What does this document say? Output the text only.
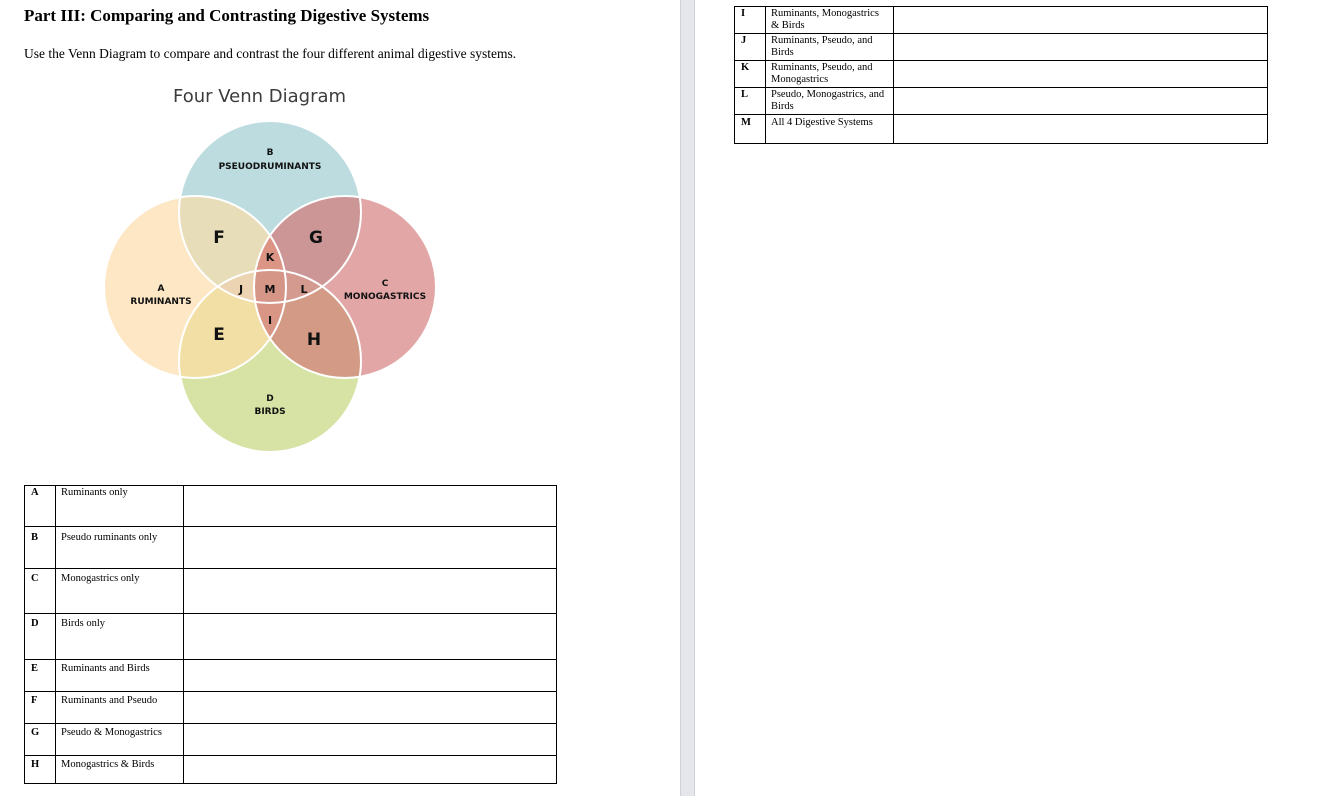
Part III: Comparing and Contrasting Digestive Systems
Use the Venn Diagram to compare and contrast the four different animal digestive systems.
Four Venn Diagram
B
PSEUODRUMINANTS
A
RUMINANTS
C
MONOGASTRICS
D
BIRDS
F	G
E	H
K
J M L
I
A	Ruminants only	
B	Pseudo ruminants only	
C	Monogastrics only	
D	Birds only	
E	Ruminants and Birds	
F	Ruminants and Pseudo	
G	Pseudo & Monogastrics	
H	Monogastrics & Birds	
I	Ruminants, Monogastrics & Birds	
J	Ruminants, Pseudo, and Birds	
K	Ruminants, Pseudo, and Monogastrics	
L	Pseudo, Monogastrics, and Birds	
M	All 4 Digestive Systems	
